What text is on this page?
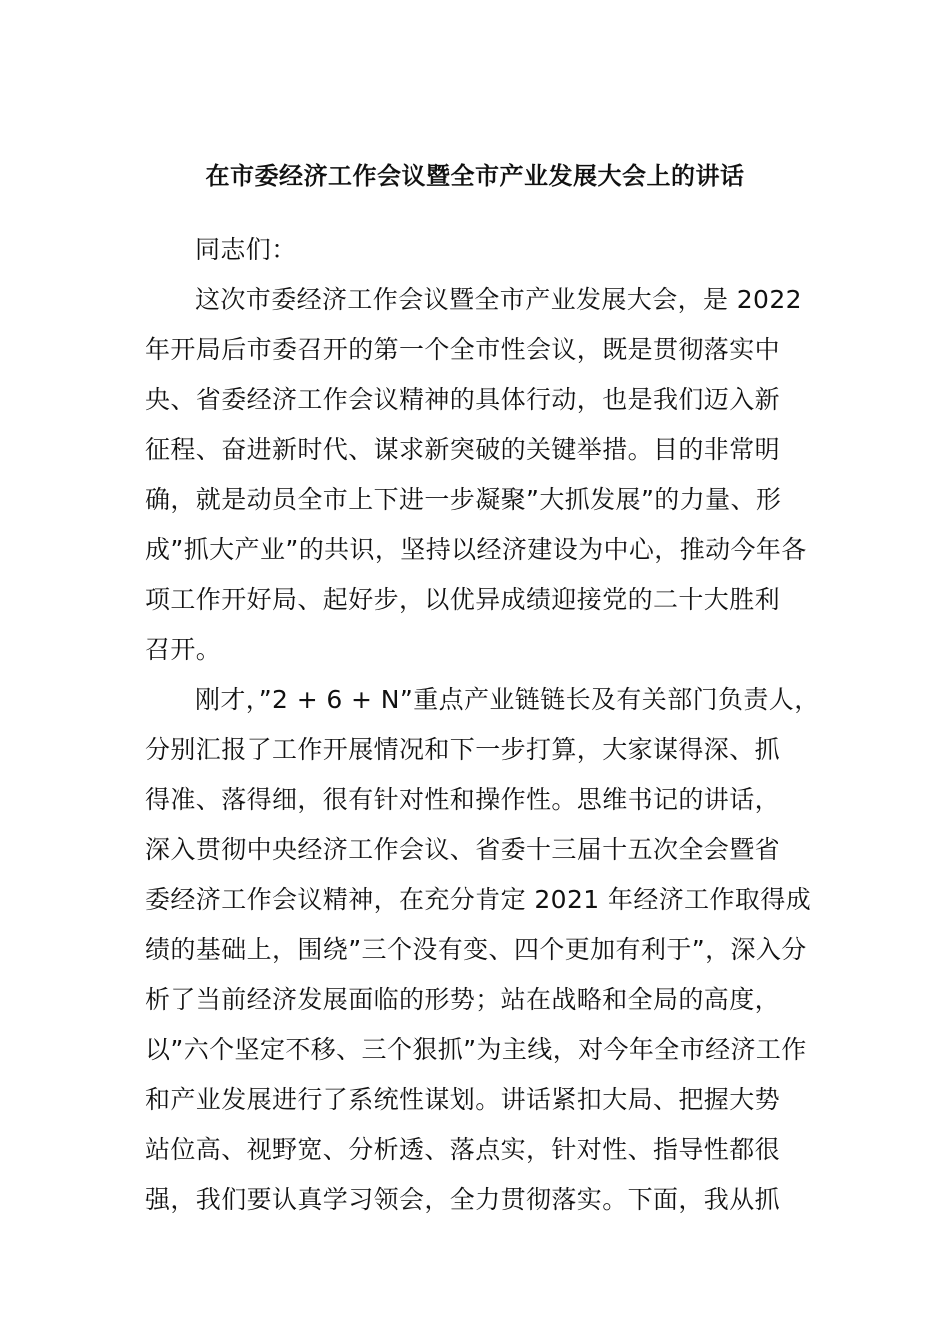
在市委经济工作会议暨全市产业发展大会上的讲话
同志们：
这次市委经济工作会议暨全市产业发展大会，是 2022
年开局后市委召开的第一个全市性会议，既是贯彻落实中
央、省委经济工作会议精神的具体行动，也是我们迈入新
征程、奋进新时代、谋求新突破的关键举措。目的非常明
确，就是动员全市上下进一步凝聚”大抓发展”的力量、形
成”抓大产业”的共识，坚持以经济建设为中心，推动今年各
项工作开好局、起好步，以优异成绩迎接党的二十大胜利
召开。
刚才，”2 + 6 + N”重点产业链链长及有关部门负责人，
分别汇报了工作开展情况和下一步打算，大家谋得深、抓
得准、落得细，很有针对性和操作性。思维书记的讲话，
深入贯彻中央经济工作会议、省委十三届十五次全会暨省
委经济工作会议精神，在充分肯定 2021 年经济工作取得成
绩的基础上，围绕”三个没有变、四个更加有利于”，深入分
析了当前经济发展面临的形势；站在战略和全局的高度，
以”六个坚定不移、三个狠抓”为主线，对今年全市经济工作
和产业发展进行了系统性谋划。讲话紧扣大局、把握大势
站位高、视野宽、分析透、落点实，针对性、指导性都很
强，我们要认真学习领会，全力贯彻落实。下面，我从抓
